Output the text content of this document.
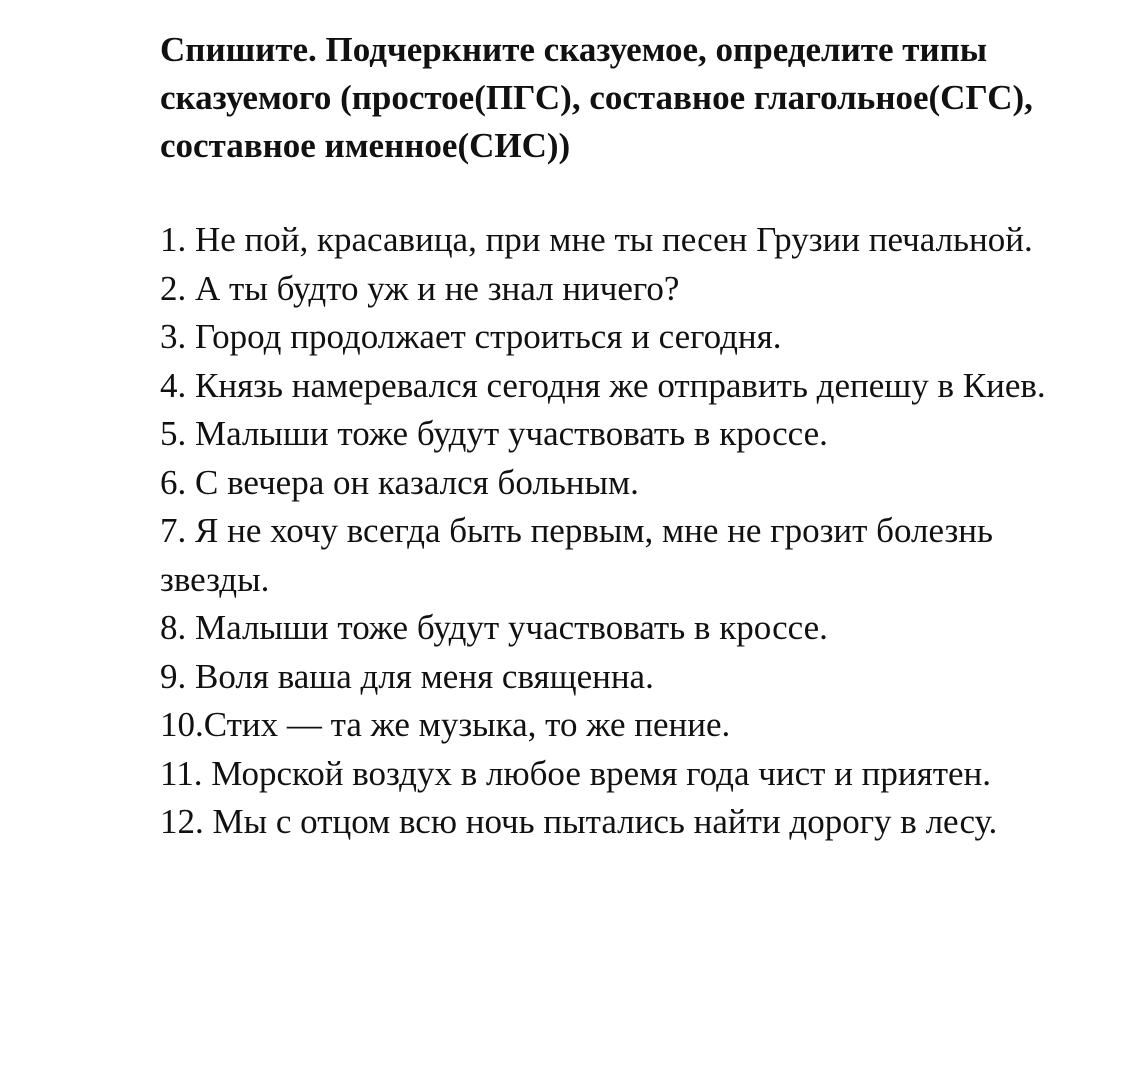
Спишите. Подчеркните сказуемое, определите типы сказуемого (простое(ПГС), составное глагольное(СГС), составное именное(СИС))
1. Не пой, красавица, при мне ты песен Грузии печальной.
2. А ты будто уж и не знал ничего?
3. Город продолжает строиться и сегодня.
4. Князь намеревался сегодня же отправить депешу в Киев.
5. Малыши тоже будут участвовать в кроссе.
6. С вечера он казался больным.
7. Я не хочу всегда быть первым, мне не грозит болезнь звезды.
8. Малыши тоже будут участвовать в кроссе.
9. Воля ваша для меня священна.
10.Стих — та же музыка, то же пение.
11. Морской воздух в любое время года чист и приятен.
12. Мы с отцом всю ночь пытались найти дорогу в лесу.
